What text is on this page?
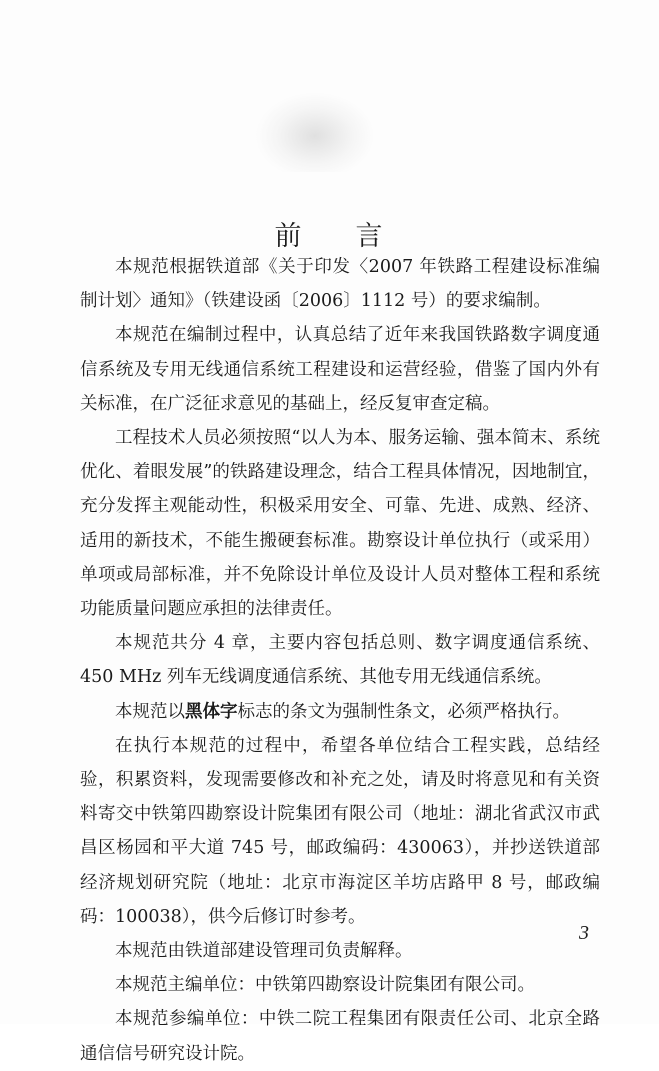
前 言

本规范根据铁道部《关于印发〈2007 年铁路工程建设标准编制计划〉通知》（铁建设函〔2006〕1112 号）的要求编制。

本规范在编制过程中，认真总结了近年来我国铁路数字调度通信系统及专用无线通信系统工程建设和运营经验，借鉴了国内外有关标准，在广泛征求意见的基础上，经反复审查定稿。

工程技术人员必须按照“以人为本、服务运输、强本简末、系统优化、着眼发展”的铁路建设理念，结合工程具体情况，因地制宜，充分发挥主观能动性，积极采用安全、可靠、先进、成熟、经济、适用的新技术，不能生搬硬套标准。勘察设计单位执行（或采用）单项或局部标准，并不免除设计单位及设计人员对整体工程和系统功能质量问题应承担的法律责任。

本规范共分 4 章，主要内容包括总则、数字调度通信系统、450 MHz 列车无线调度通信系统、其他专用无线通信系统。

本规范以黑体字标志的条文为强制性条文，必须严格执行。

在执行本规范的过程中，希望各单位结合工程实践，总结经验，积累资料，发现需要修改和补充之处，请及时将意见和有关资料寄交中铁第四勘察设计院集团有限公司（地址：湖北省武汉市武昌区杨园和平大道 745 号，邮政编码：430063），并抄送铁道部经济规划研究院（地址：北京市海淀区羊坊店路甲 8 号，邮政编码：100038），供今后修订时参考。

本规范由铁道部建设管理司负责解释。

本规范主编单位：中铁第四勘察设计院集团有限公司。

本规范参编单位：中铁二院工程集团有限责任公司、北京全路通信信号研究设计院。

3
